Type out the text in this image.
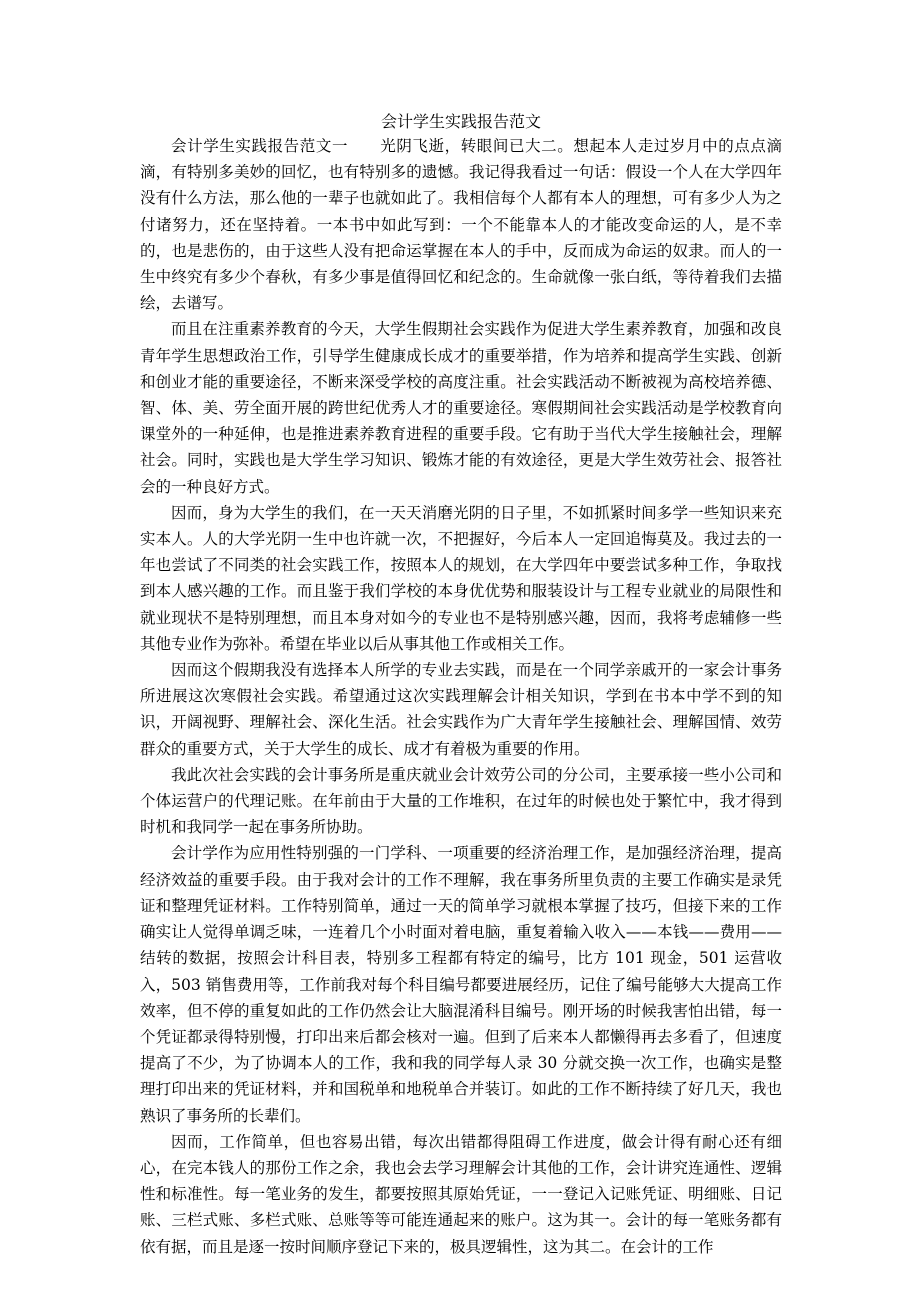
会计学生实践报告范文

会计学生实践报告范文一　　光阴飞逝，转眼间已大二。想起本人走过岁月中的点点滴滴，有特别多美妙的回忆，也有特别多的遗憾。我记得我看过一句话：假设一个人在大学四年没有什么方法，那么他的一辈子也就如此了。我相信每个人都有本人的理想，可有多少人为之付诸努力，还在坚持着。一本书中如此写到：一个不能靠本人的才能改变命运的人，是不幸的，也是悲伤的，由于这些人没有把命运掌握在本人的手中，反而成为命运的奴隶。而人的一生中终究有多少个春秋，有多少事是值得回忆和纪念的。生命就像一张白纸，等待着我们去描绘，去谱写。

而且在注重素养教育的今天，大学生假期社会实践作为促进大学生素养教育，加强和改良青年学生思想政治工作，引导学生健康成长成才的重要举措，作为培养和提高学生实践、创新和创业才能的重要途径，不断来深受学校的高度注重。社会实践活动不断被视为高校培养德、智、体、美、劳全面开展的跨世纪优秀人才的重要途径。寒假期间社会实践活动是学校教育向课堂外的一种延伸，也是推进素养教育进程的重要手段。它有助于当代大学生接触社会，理解社会。同时，实践也是大学生学习知识、锻炼才能的有效途径，更是大学生效劳社会、报答社会的一种良好方式。

因而，身为大学生的我们，在一天天消磨光阴的日子里，不如抓紧时间多学一些知识来充实本人。人的大学光阴一生中也许就一次，不把握好，今后本人一定回追悔莫及。我过去的一年也尝试了不同类的社会实践工作，按照本人的规划，在大学四年中要尝试多种工作，争取找到本人感兴趣的工作。而且鉴于我们学校的本身优优势和服装设计与工程专业就业的局限性和就业现状不是特别理想，而且本身对如今的专业也不是特别感兴趣，因而，我将考虑辅修一些其他专业作为弥补。希望在毕业以后从事其他工作或相关工作。

因而这个假期我没有选择本人所学的专业去实践，而是在一个同学亲戚开的一家会计事务所进展这次寒假社会实践。希望通过这次实践理解会计相关知识，学到在书本中学不到的知识，开阔视野、理解社会、深化生活。社会实践作为广大青年学生接触社会、理解国情、效劳群众的重要方式，关于大学生的成长、成才有着极为重要的作用。

我此次社会实践的会计事务所是重庆就业会计效劳公司的分公司，主要承接一些小公司和个体运营户的代理记账。在年前由于大量的工作堆积，在过年的时候也处于繁忙中，我才得到时机和我同学一起在事务所协助。

会计学作为应用性特别强的一门学科、一项重要的经济治理工作，是加强经济治理，提高经济效益的重要手段。由于我对会计的工作不理解，我在事务所里负责的主要工作确实是录凭证和整理凭证材料。工作特别简单，通过一天的简单学习就根本掌握了技巧，但接下来的工作确实让人觉得单调乏味，一连着几个小时面对着电脑，重复着输入收入——本钱——费用——结转的数据，按照会计科目表，特别多工程都有特定的编号，比方 101 现金，501 运营收入，503 销售费用等，工作前我对每个科目编号都要进展经历，记住了编号能够大大提高工作效率，但不停的重复如此的工作仍然会让大脑混淆科目编号。刚开场的时候我害怕出错，每一个凭证都录得特别慢，打印出来后都会核对一遍。但到了后来本人都懒得再去多看了，但速度提高了不少，为了协调本人的工作，我和我的同学每人录 30 分就交换一次工作，也确实是整理打印出来的凭证材料，并和国税单和地税单合并装订。如此的工作不断持续了好几天，我也熟识了事务所的长辈们。

因而，工作简单，但也容易出错，每次出错都得阻碍工作进度，做会计得有耐心还有细心，在完本钱人的那份工作之余，我也会去学习理解会计其他的工作，会计讲究连通性、逻辑性和标准性。每一笔业务的发生，都要按照其原始凭证，一一登记入记账凭证、明细账、日记账、三栏式账、多栏式账、总账等等可能连通起来的账户。这为其一。会计的每一笔账务都有依有据，而且是逐一按时间顺序登记下来的，极具逻辑性，这为其二。在会计的工作
